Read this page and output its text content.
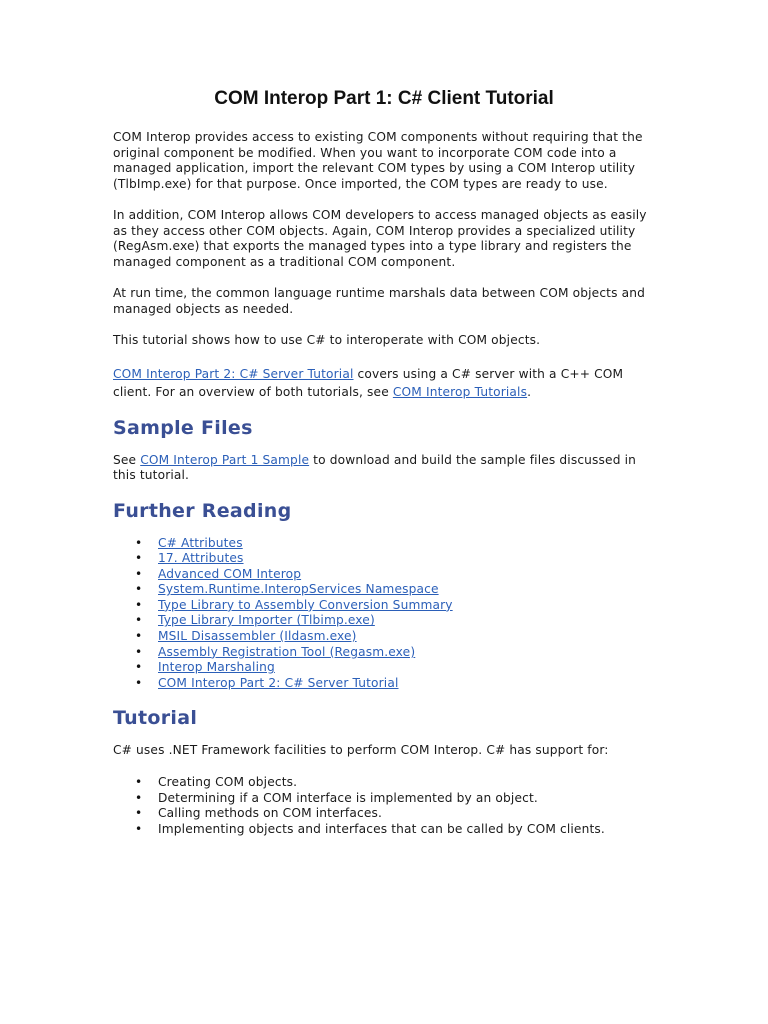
COM Interop Part 1: C# Client Tutorial

COM Interop provides access to existing COM components without requiring that the original component be modified. When you want to incorporate COM code into a managed application, import the relevant COM types by using a COM Interop utility (TlbImp.exe) for that purpose. Once imported, the COM types are ready to use.

In addition, COM Interop allows COM developers to access managed objects as easily as they access other COM objects. Again, COM Interop provides a specialized utility (RegAsm.exe) that exports the managed types into a type library and registers the managed component as a traditional COM component.

At run time, the common language runtime marshals data between COM objects and managed objects as needed.

This tutorial shows how to use C# to interoperate with COM objects.

COM Interop Part 2: C# Server Tutorial covers using a C# server with a C++ COM client. For an overview of both tutorials, see COM Interop Tutorials.

Sample Files

See COM Interop Part 1 Sample to download and build the sample files discussed in this tutorial.

Further Reading
• C# Attributes
• 17. Attributes
• Advanced COM Interop
• System.Runtime.InteropServices Namespace
• Type Library to Assembly Conversion Summary
• Type Library Importer (Tlbimp.exe)
• MSIL Disassembler (Ildasm.exe)
• Assembly Registration Tool (Regasm.exe)
• Interop Marshaling
• COM Interop Part 2: C# Server Tutorial
Tutorial

C# uses .NET Framework facilities to perform COM Interop. C# has support for:

• Creating COM objects.
• Determining if a COM interface is implemented by an object.
• Calling methods on COM interfaces.
• Implementing objects and interfaces that can be called by COM clients.
